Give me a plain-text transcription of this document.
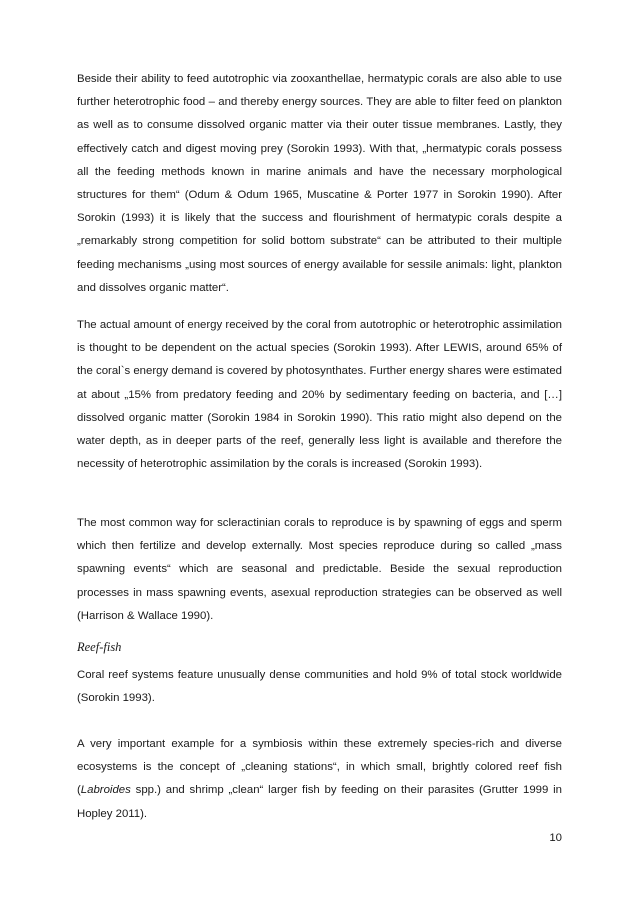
Beside their ability to feed autotrophic via zooxanthellae, hermatypic corals are also able to use further heterotrophic food – and thereby energy sources. They are able to filter feed on plankton as well as to consume dissolved organic matter via their outer tissue membranes. Lastly, they effectively catch and digest moving prey (Sorokin 1993). With that, „hermatypic corals possess all the feeding methods known in marine animals and have the necessary morphological structures for them“ (Odum & Odum 1965, Muscatine & Porter 1977 in Sorokin 1990). After Sorokin (1993) it is likely that the success and flourishment of hermatypic corals despite a „remarkably strong competition for solid bottom substrate“ can be attributed to their multiple feeding mechanisms „using most sources of energy available for sessile animals: light, plankton and dissolves organic matter“.

The actual amount of energy received by the coral from autotrophic or heterotrophic assimilation is thought to be dependent on the actual species (Sorokin 1993). After LEWIS, around 65% of the coral`s energy demand is covered by photosynthates. Further energy shares were estimated at about „15% from predatory feeding and 20% by sedimentary feeding on bacteria, and […] dissolved organic matter (Sorokin 1984 in Sorokin 1990). This ratio might also depend on the water depth, as in deeper parts of the reef, generally less light is available and therefore the necessity of heterotrophic assimilation by the corals is increased (Sorokin 1993).

The most common way for scleractinian corals to reproduce is by spawning of eggs and sperm which then fertilize and develop externally. Most species reproduce during so called „mass spawning events“ which are seasonal and predictable. Beside the sexual reproduction processes in mass spawning events, asexual reproduction strategies can be observed as well (Harrison & Wallace 1990).

Reef-fish

Coral reef systems feature unusually dense communities and hold 9% of total stock worldwide (Sorokin 1993).

A very important example for a symbiosis within these extremely species-rich and diverse ecosystems is the concept of „cleaning stations“, in which small, brightly colored reef fish (Labroides spp.) and shrimp „clean“ larger fish by feeding on their parasites (Grutter 1999 in Hopley 2011).

10
